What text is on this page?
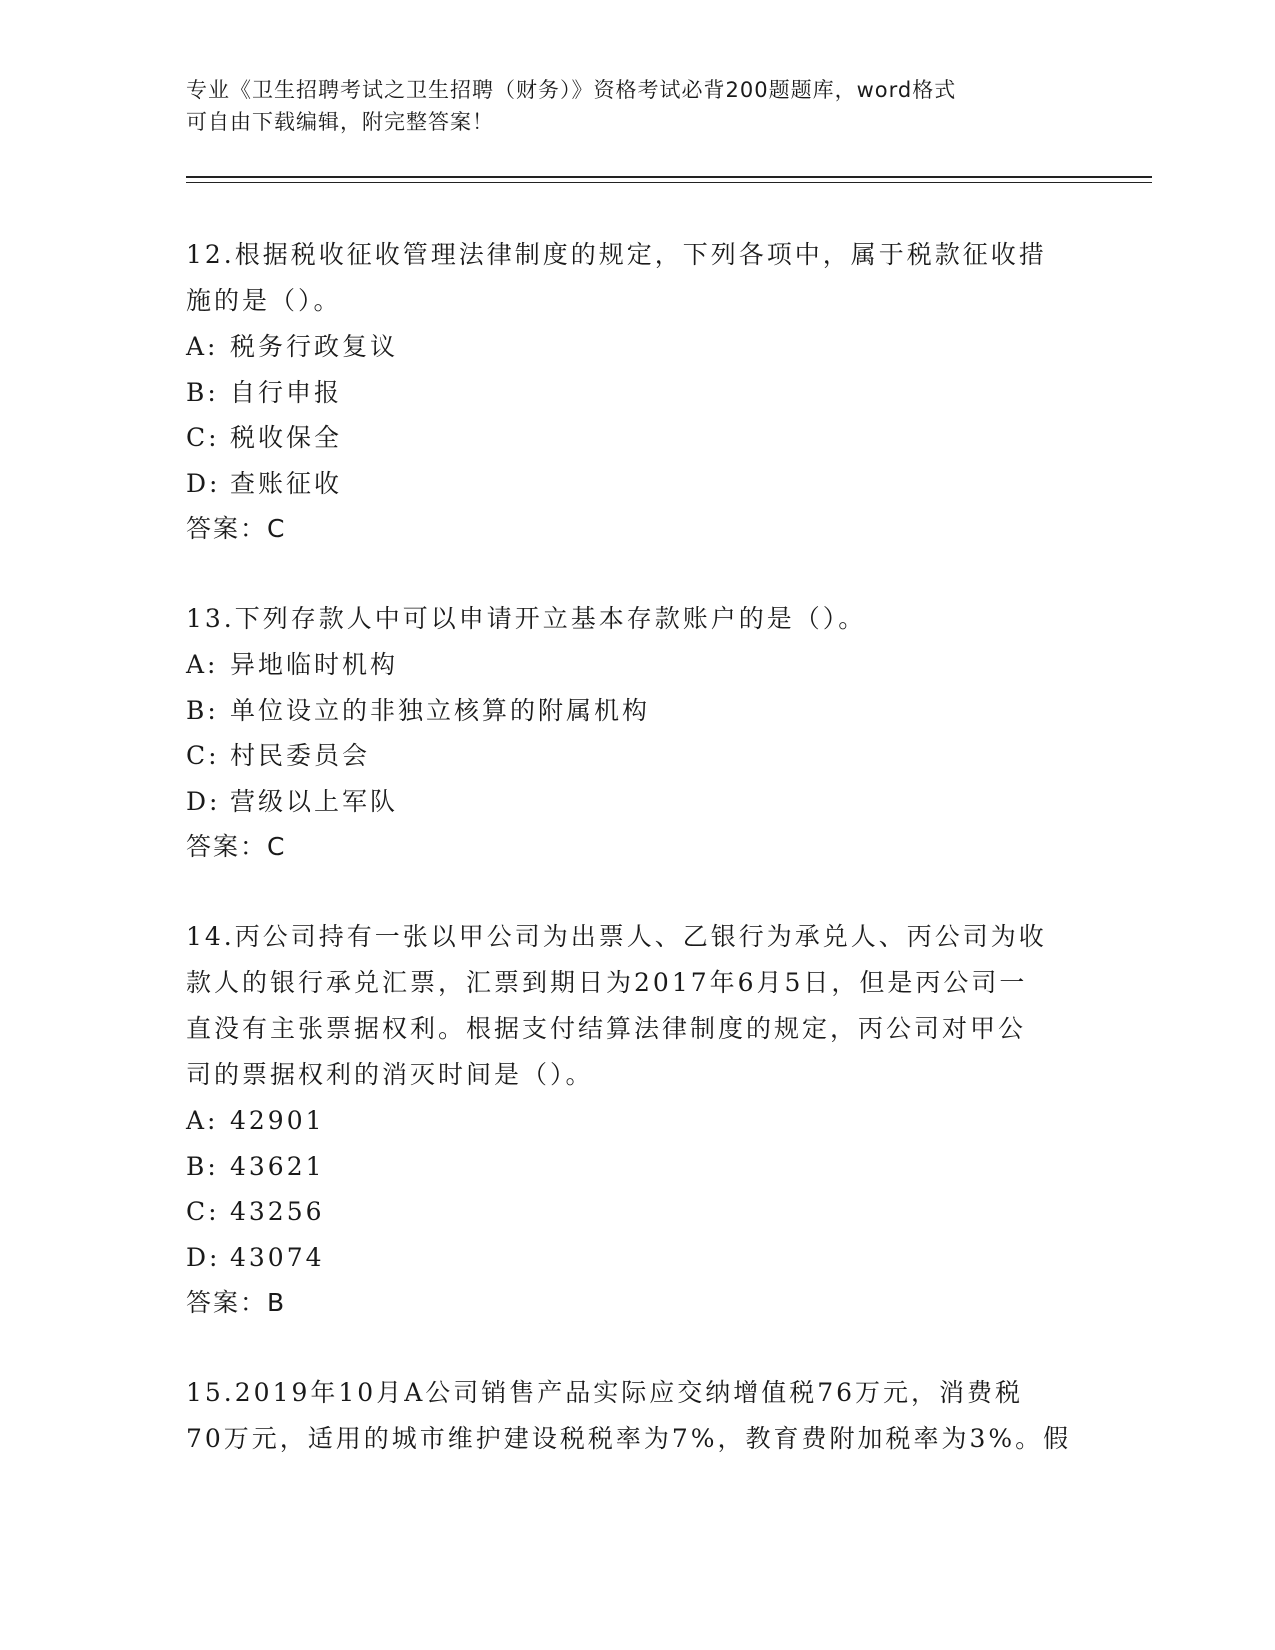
专业《卫生招聘考试之卫生招聘（财务）》资格考试必背200题题库，word格式
可自由下载编辑，附完整答案！

12.根据税收征收管理法律制度的规定，下列各项中，属于税款征收措

施的是（）。

A: 税务行政复议

B: 自行申报

C: 税收保全

D: 查账征收

答案：C

13.下列存款人中可以申请开立基本存款账户的是（）。

A: 异地临时机构

B: 单位设立的非独立核算的附属机构

C: 村民委员会

D: 营级以上军队

答案：C

14.丙公司持有一张以甲公司为出票人、乙银行为承兑人、丙公司为收

款人的银行承兑汇票，汇票到期日为2017年6月5日，但是丙公司一

直没有主张票据权利。根据支付结算法律制度的规定，丙公司对甲公

司的票据权利的消灭时间是（）。

A: 42901

B: 43621

C: 43256

D: 43074

答案：B

15.2019年10月A公司销售产品实际应交纳增值税76万元，消费税

70万元，适用的城市维护建设税税率为7%，教育费附加税率为3%。假
